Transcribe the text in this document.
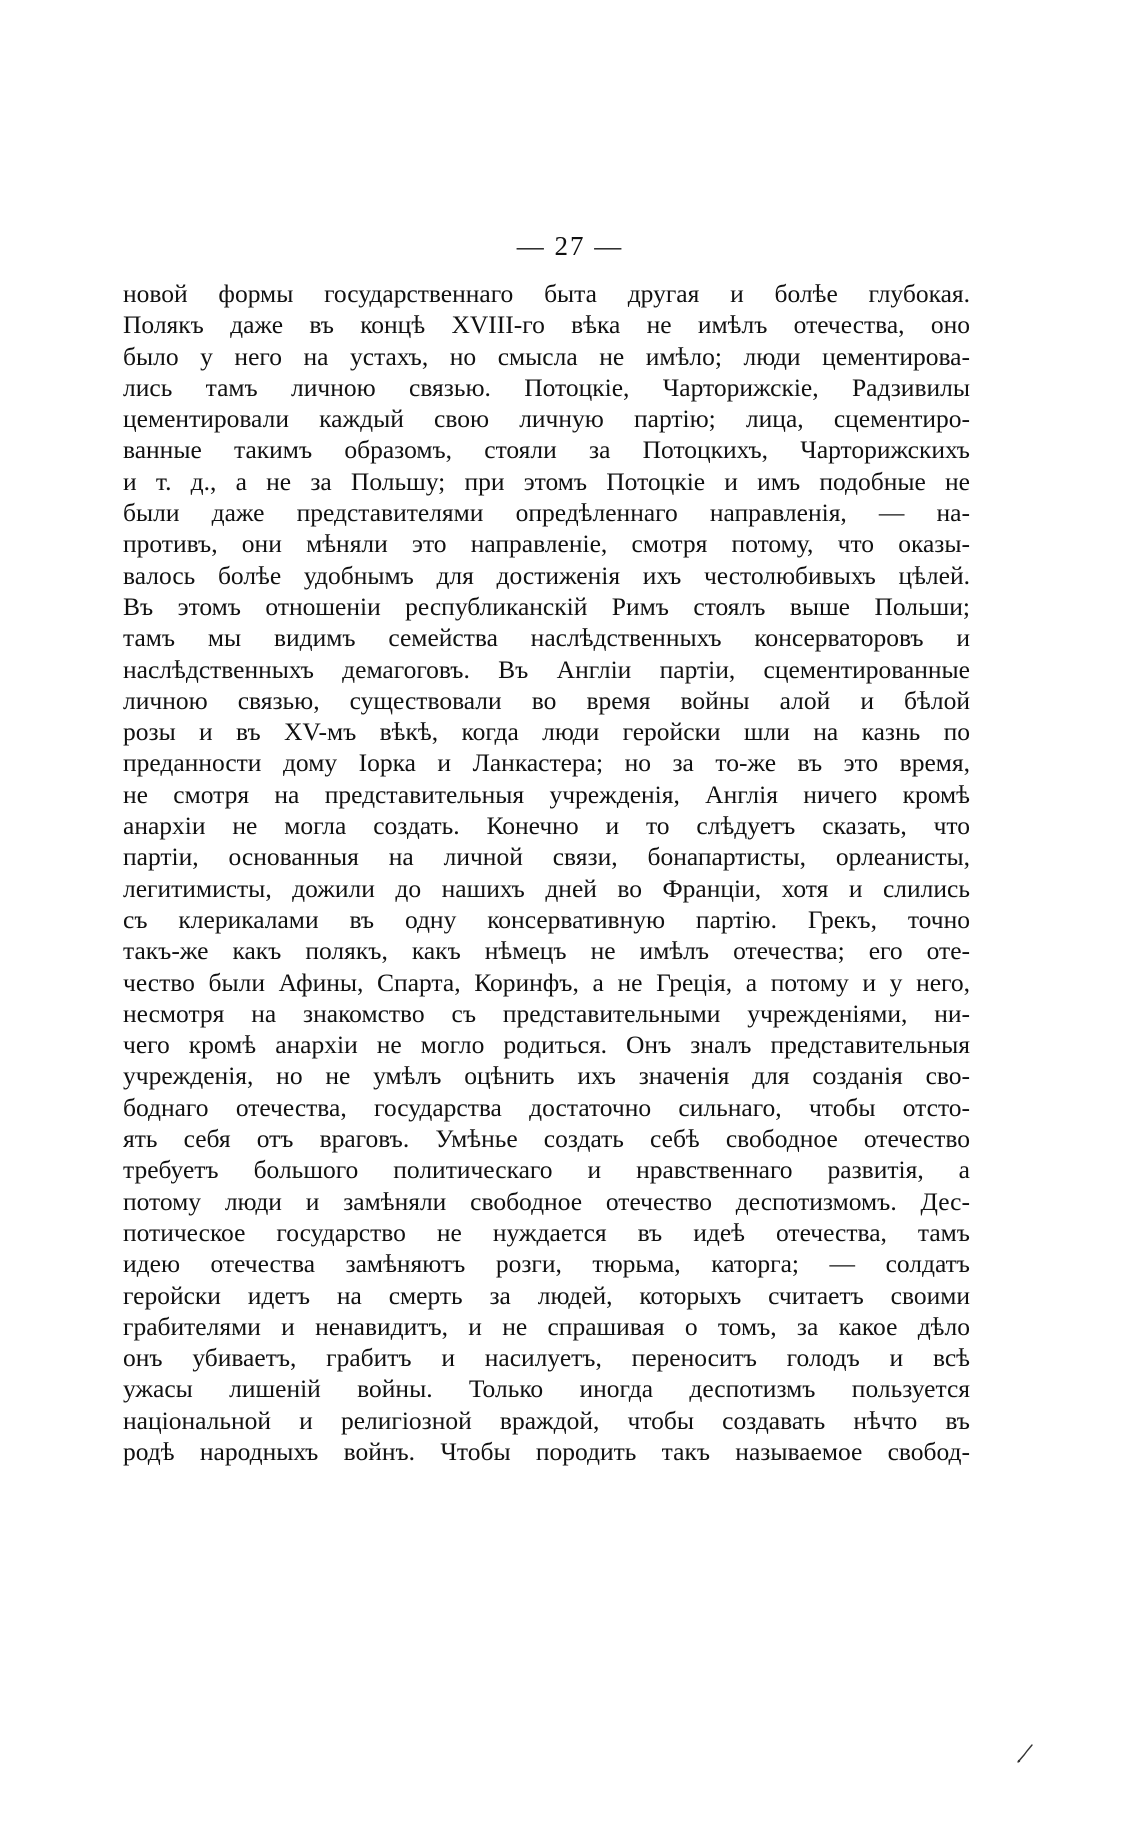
— 27 —
новой формы государственнаго быта другая и болѣе глубокая.
Полякъ даже въ концѣ XVIII-го вѣка не имѣлъ отечества, оно
было у него на устахъ, но смысла не имѣло; люди цементирова-
лись тамъ личною связью. Потоцкіе, Чарторижскіе, Радзивилы
цементировали каждый свою личную партію; лица, сцементиро-
ванные такимъ образомъ, стояли за Потоцкихъ, Чарторижскихъ
и т. д., а не за Польшу; при этомъ Потоцкіе и имъ подобные не
были даже представителями опредѣленнаго направленія, — на-
противъ, они мѣняли это направленіе, смотря потому, что оказы-
валось болѣе удобнымъ для достиженія ихъ честолюбивыхъ цѣлей.
Въ этомъ отношеніи республиканскій Римъ стоялъ выше Польши;
тамъ мы видимъ семейства наслѣдственныхъ консерваторовъ и
наслѣдственныхъ демагоговъ. Въ Англіи партіи, сцементированные
личною связью, существовали во время войны алой и бѣлой
розы и въ XV-мъ вѣкѣ, когда люди геройски шли на казнь по
преданности дому Іорка и Ланкастера; но за то-же въ это время,
не смотря на представительныя учрежденія, Англія ничего кромѣ
анархіи не могла создать. Конечно и то слѣдуетъ сказать, что
партіи, основанныя на личной связи, бонапартисты, орлеанисты,
легитимисты, дожили до нашихъ дней во Франціи, хотя и слились
съ клерикалами въ одну консервативную партію. Грекъ, точно
такъ-же какъ полякъ, какъ нѣмецъ не имѣлъ отечества; его оте-
чество были Афины, Спарта, Коринфъ, а не Греція, а потому и у него,
несмотря на знакомство съ представительными учрежденіями, ни-
чего кромѣ анархіи не могло родиться. Онъ зналъ представительныя
учрежденія, но не умѣлъ оцѣнить ихъ значенія для созданія сво-
боднаго отечества, государства достаточно сильнаго, чтобы отсто-
ять себя отъ враговъ. Умѣнье создать себѣ свободное отечество
требуетъ большого политическаго и нравственнаго развитія, а
потому люди и замѣняли свободное отечество деспотизмомъ. Дес-
потическое государство не нуждается въ идеѣ отечества, тамъ
идею отечества замѣняютъ розги, тюрьма, каторга; — солдатъ
геройски идетъ на смерть за людей, которыхъ считаетъ своими
грабителями и ненавидитъ, и не спрашивая о томъ, за какое дѣло
онъ убиваетъ, грабитъ и насилуетъ, переноситъ голодъ и всѣ
ужасы лишеній войны. Только иногда деспотизмъ пользуется
національной и религіозной враждой, чтобы создавать нѣчто въ
родѣ народныхъ войнъ. Чтобы породить такъ называемое свобод-
